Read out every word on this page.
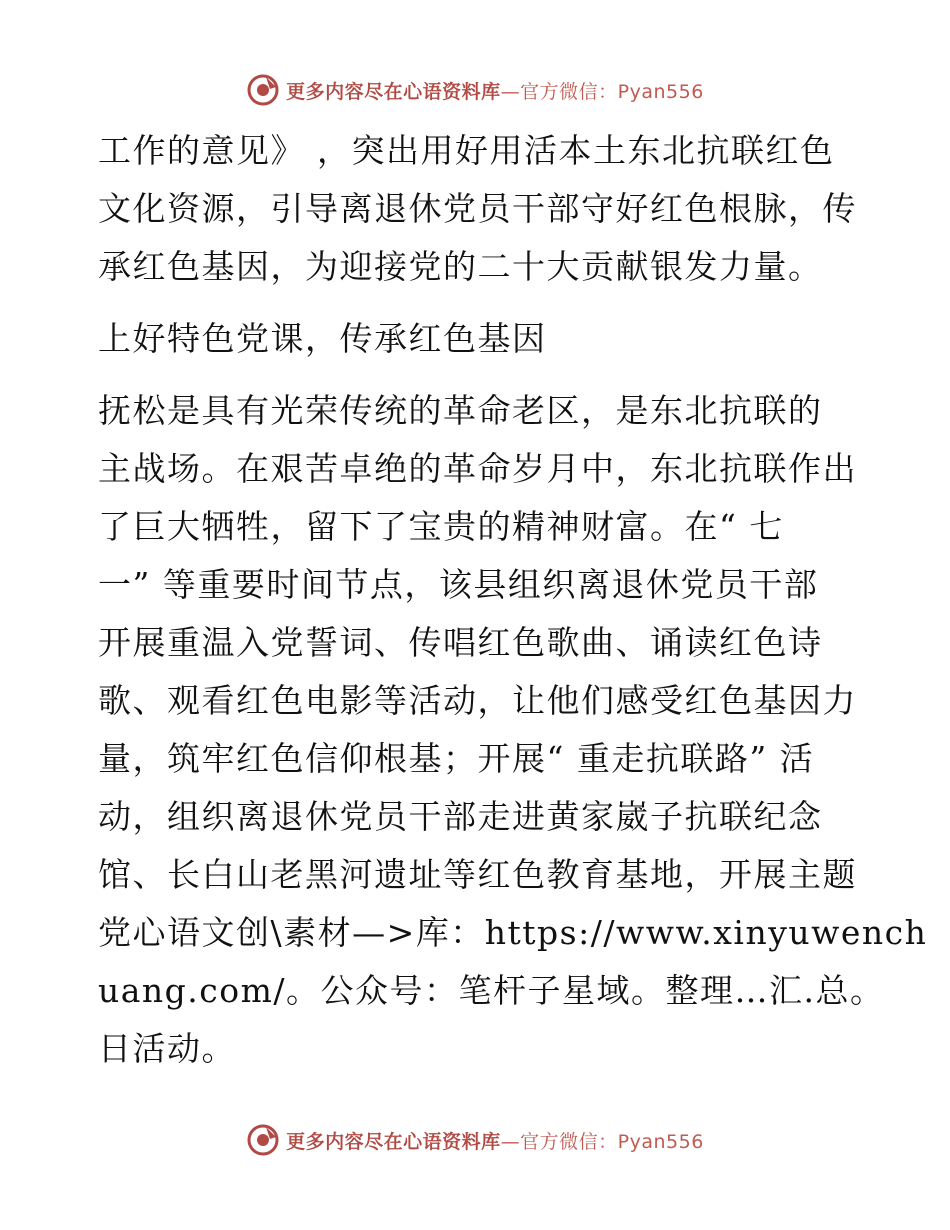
更多内容尽在心语资料库—官方微信：Pyan556
工作的意见》 ，突出用好用活本土东北抗联红色
文化资源，引导离退休党员干部守好红色根脉，传
承红色基因，为迎接党的二十大贡献银发力量。
上好特色党课，传承红色基因
抚松是具有光荣传统的革命老区，是东北抗联的
主战场。在艰苦卓绝的革命岁月中，东北抗联作出
了巨大牺牲，留下了宝贵的精神财富。在“ 七
一” 等重要时间节点，该县组织离退休党员干部
开展重温入党誓词、传唱红色歌曲、诵读红色诗
歌、观看红色电影等活动，让他们感受红色基因力
量，筑牢红色信仰根基；开展“ 重走抗联路” 活
动，组织离退休党员干部走进黄家崴子抗联纪念
馆、长白山老黑河遗址等红色教育基地，开展主题
党心语文创\素材—>库：https://www.xinyuwench
uang.com/。公众号：笔杆子星域。整理…汇.总。
日活动。
更多内容尽在心语资料库—官方微信：Pyan556
